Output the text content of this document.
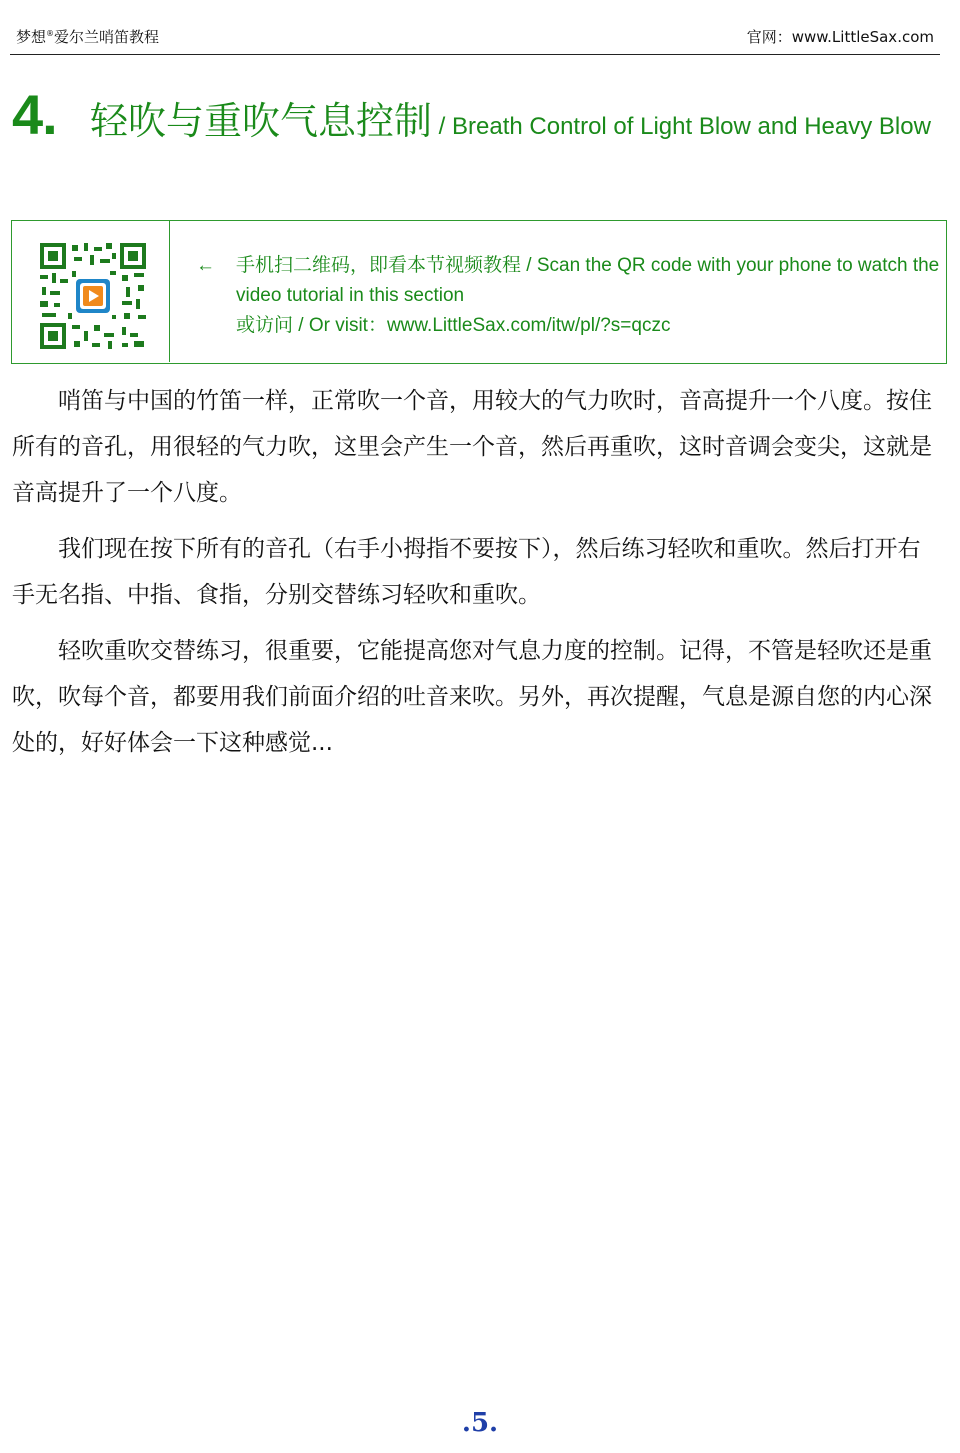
梦想®爱尔兰哨笛教程	官网：www.LittleSax.com
4. 轻吹与重吹气息控制 / Breath Control of Light Blow and Heavy Blow
← 手机扫二维码，即看本节视频教程 / Scan the QR code with your phone to watch the video tutorial in this section
或访问 / Or visit：www.LittleSax.com/itw/pl/?s=qczc

哨笛与中国的竹笛一样，正常吹一个音，用较大的气力吹时，音高提升一个八度。按住所有的音孔，用很轻的气力吹，这里会产生一个音，然后再重吹，这时音调会变尖，这就是音高提升了一个八度。

我们现在按下所有的音孔（右手小拇指不要按下），然后练习轻吹和重吹。然后打开右手无名指、中指、食指，分别交替练习轻吹和重吹。

轻吹重吹交替练习，很重要，它能提高您对气息力度的控制。记得，不管是轻吹还是重吹，吹每个音，都要用我们前面介绍的吐音来吹。另外，再次提醒，气息是源自您的内心深处的，好好体会一下这种感觉...

.5.
